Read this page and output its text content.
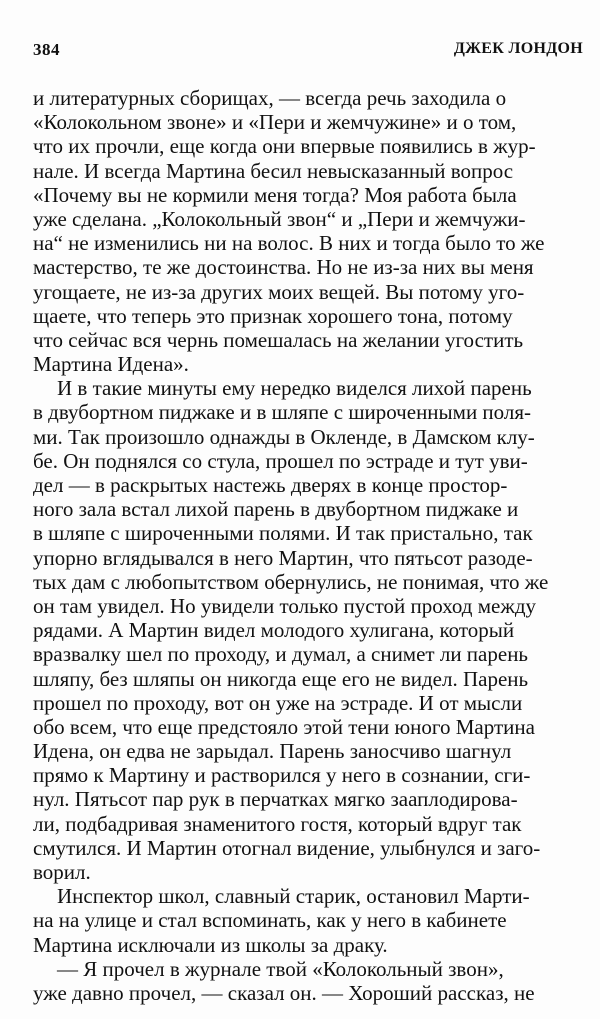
384	ДЖЕК ЛОНДОН
и литературных сборищах, — всегда речь заходила о
«Колокольном звоне» и «Пери и жемчужине» и о том,
что их прочли, еще когда они впервые появились в жур-
нале. И всегда Мартина бесил невысказанный вопрос
«Почему вы не кормили меня тогда? Моя работа была
уже сделана. „Колокольный звон“ и „Пери и жемчужи-
на“ не изменились ни на волос. В них и тогда было то же
мастерство, те же достоинства. Но не из-за них вы меня
угощаете, не из-за других моих вещей. Вы потому уго-
щаете, что теперь это признак хорошего тона, потому
что сейчас вся чернь помешалась на желании угостить
Мартина Идена».
И в такие минуты ему нередко виделся лихой парень
в двубортном пиджаке и в шляпе с широченными поля-
ми. Так произошло однажды в Окленде, в Дамском клу-
бе. Он поднялся со стула, прошел по эстраде и тут уви-
дел — в раскрытых настежь дверях в конце простор-
ного зала встал лихой парень в двубортном пиджаке и
в шляпе с широченными полями. И так пристально, так
упорно вглядывался в него Мартин, что пятьсот разоде-
тых дам с любопытством обернулись, не понимая, что же
он там увидел. Но увидели только пустой проход между
рядами. А Мартин видел молодого хулигана, который
вразвалку шел по проходу, и думал, а снимет ли парень
шляпу, без шляпы он никогда еще его не видел. Парень
прошел по проходу, вот он уже на эстраде. И от мысли
обо всем, что еще предстояло этой тени юного Мартина
Идена, он едва не зарыдал. Парень заносчиво шагнул
прямо к Мартину и растворился у него в сознании, сги-
нул. Пятьсот пар рук в перчатках мягко зааплодирова-
ли, подбадривая знаменитого гостя, который вдруг так
смутился. И Мартин отогнал видение, улыбнулся и заго-
ворил.
Инспектор школ, славный старик, остановил Марти-
на на улице и стал вспоминать, как у него в кабинете
Мартина исключали из школы за драку.
— Я прочел в журнале твой «Колокольный звон»,
уже давно прочел, — сказал он. — Хороший рассказ, не
